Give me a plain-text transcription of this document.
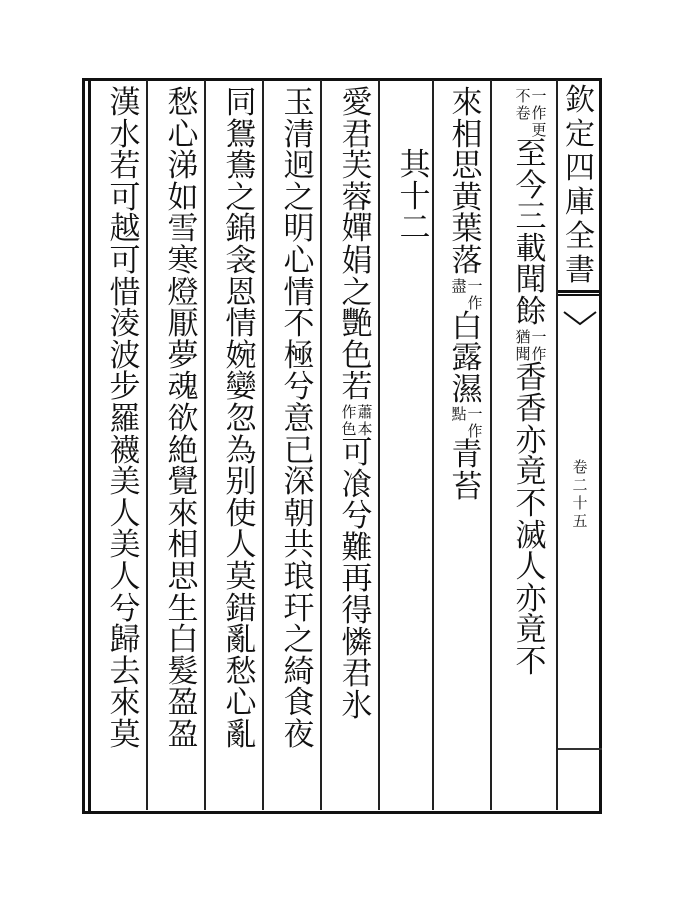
欽
定
四
庫
全
書
卷
二
十
五
一
作
更
不
卷
至
今
三
載
聞
餘
一
作
猶
聞
香
香
亦
竟
不
滅
人
亦
竟
不
來
相
思
黄
葉
落
一
作
盡
白
露
濕
一
作
點
青
苔
其
十
二
愛
君
芙
蓉
嬋
娟
之
艷
色
若
蕭
本
作
色
可
飡
兮
難
再
得
憐
君
氷
玉
清
迥
之
明
心
情
不
極
兮
意
已
深
朝
共
琅
玕
之
綺
食
夜
同
鴛
鴦
之
錦
衾
恩
情
婉
孌
忽
為
别
使
人
莫
錯
亂
愁
心
亂
愁
心
涕
如
雪
寒
燈
厭
夢
魂
欲
絶
覺
來
相
思
生
白
髮
盈
盈
漢
水
若
可
越
可
惜
淩
波
步
羅
襪
美
人
美
人
兮
歸
去
來
莫
